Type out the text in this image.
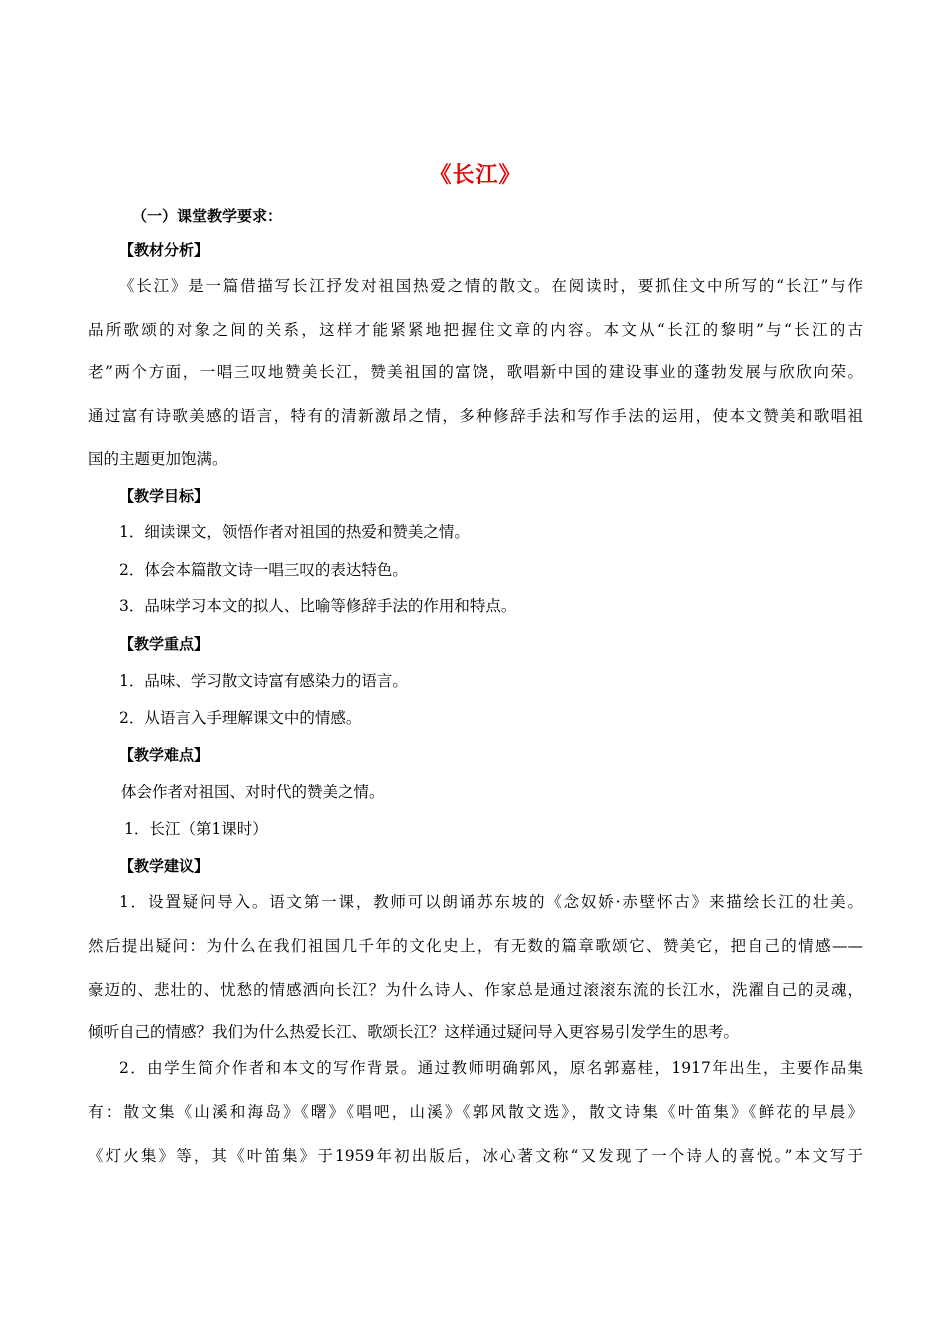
《长江》
（一）课堂教学要求：
【教材分析】
《长江》是一篇借描写长江抒发对祖国热爱之情的散文。在阅读时，要抓住文中所写的“长江”与作
品所歌颂的对象之间的关系，这样才能紧紧地把握住文章的内容。本文从“长江的黎明”与“长江的古
老”两个方面，一唱三叹地赞美长江，赞美祖国的富饶，歌唱新中国的建设事业的蓬勃发展与欣欣向荣。
通过富有诗歌美感的语言，特有的清新激昂之情，多种修辞手法和写作手法的运用，使本文赞美和歌唱祖
国的主题更加饱满。
【教学目标】
1．细读课文，领悟作者对祖国的热爱和赞美之情。
2．体会本篇散文诗一唱三叹的表达特色。
3．品味学习本文的拟人、比喻等修辞手法的作用和特点。
【教学重点】
1．品味、学习散文诗富有感染力的语言。
2．从语言入手理解课文中的情感。
【教学难点】
体会作者对祖国、对时代的赞美之情。
1．长江（第1课时）
【教学建议】
1．设置疑问导入。语文第一课，教师可以朗诵苏东坡的《念奴娇·赤壁怀古》来描绘长江的壮美。
然后提出疑问：为什么在我们祖国几千年的文化史上，有无数的篇章歌颂它、赞美它，把自己的情感——
豪迈的、悲壮的、忧愁的情感洒向长江？为什么诗人、作家总是通过滚滚东流的长江水，洗濯自己的灵魂，
倾听自己的情感？我们为什么热爱长江、歌颂长江？这样通过疑问导入更容易引发学生的思考。
2．由学生简介作者和本文的写作背景。通过教师明确郭风，原名郭嘉桂，1917年出生，主要作品集
有：散文集《山溪和海岛》《曙》《唱吧，山溪》《郭风散文选》，散文诗集《叶笛集》《鲜花的早晨》
《灯火集》等，其《叶笛集》于1959年初出版后，冰心著文称“又发现了一个诗人的喜悦。”本文写于
